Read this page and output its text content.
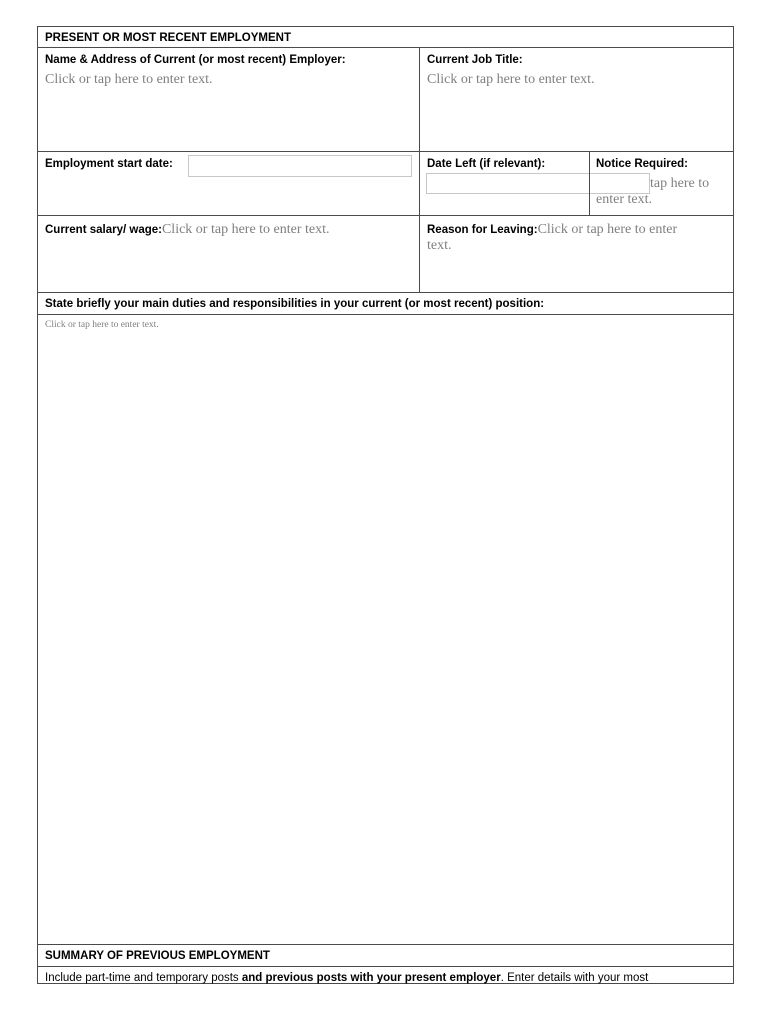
PRESENT OR MOST RECENT EMPLOYMENT
Name & Address of Current (or most recent) Employer:
Click or tap here to enter text.
Current Job Title:
Click or tap here to enter text.
Employment start date:	Date Left (if relevant):	Notice Required:
tap here to
enter text.
Current salary/ wage:Click or tap here to enter text.	Reason for Leaving:Click or tap here to enter
text.
State briefly your main duties and responsibilities in your current (or most recent) position:
Click or tap here to enter text.
SUMMARY OF PREVIOUS EMPLOYMENT
Include part-time and temporary posts and previous posts with your present employer. Enter details with your most
